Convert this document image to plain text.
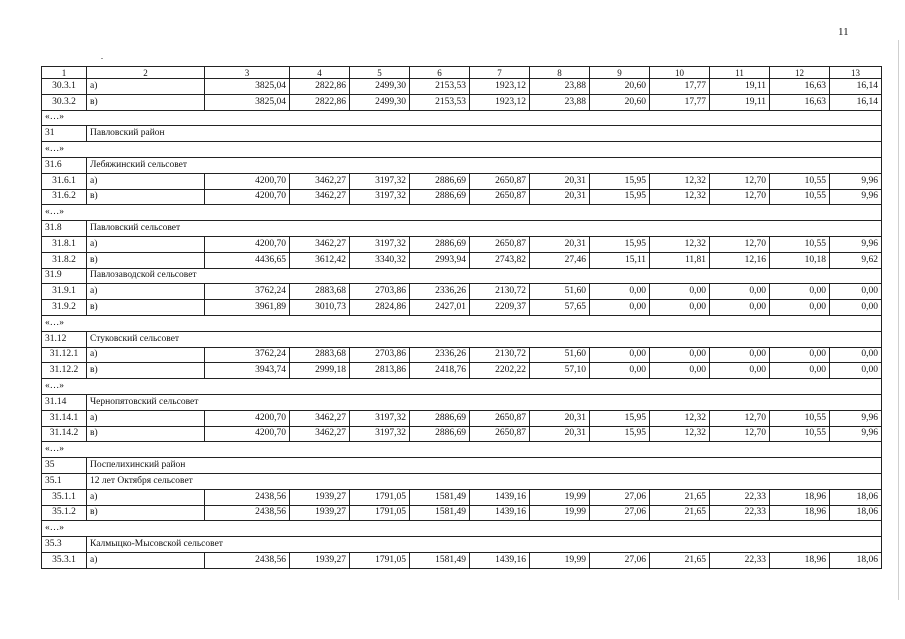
11
1	2	3	4	5	6	7	8	9	10	11	12	13
30.3.1	а)	3825,04	2822,86	2499,30	2153,53	1923,12	23,88	20,60	17,77	19,11	16,63	16,14
30.3.2	в)	3825,04	2822,86	2499,30	2153,53	1923,12	23,88	20,60	17,77	19,11	16,63	16,14
«…»												
31	Павловский район											
«…»												
31.6	Лебяжинский сельсовет											
31.6.1	а)	4200,70	3462,27	3197,32	2886,69	2650,87	20,31	15,95	12,32	12,70	10,55	9,96
31.6.2	в)	4200,70	3462,27	3197,32	2886,69	2650,87	20,31	15,95	12,32	12,70	10,55	9,96
«…»												
31.8	Павловский сельсовет											
31.8.1	а)	4200,70	3462,27	3197,32	2886,69	2650,87	20,31	15,95	12,32	12,70	10,55	9,96
31.8.2	в)	4436,65	3612,42	3340,32	2993,94	2743,82	27,46	15,11	11,81	12,16	10,18	9,62
31.9	Павлозаводской сельсовет											
31.9.1	а)	3762,24	2883,68	2703,86	2336,26	2130,72	51,60	0,00	0,00	0,00	0,00	0,00
31.9.2	в)	3961,89	3010,73	2824,86	2427,01	2209,37	57,65	0,00	0,00	0,00	0,00	0,00
«…»												
31.12	Стуковский сельсовет											
31.12.1	а)	3762,24	2883,68	2703,86	2336,26	2130,72	51,60	0,00	0,00	0,00	0,00	0,00
31.12.2	в)	3943,74	2999,18	2813,86	2418,76	2202,22	57,10	0,00	0,00	0,00	0,00	0,00
«…»												
31.14	Чернопятовский сельсовет											
31.14.1	а)	4200,70	3462,27	3197,32	2886,69	2650,87	20,31	15,95	12,32	12,70	10,55	9,96
31.14.2	в)	4200,70	3462,27	3197,32	2886,69	2650,87	20,31	15,95	12,32	12,70	10,55	9,96
«…»												
35	Поспелихинский район											
35.1	12 лет Октября сельсовет											
35.1.1	а)	2438,56	1939,27	1791,05	1581,49	1439,16	19,99	27,06	21,65	22,33	18,96	18,06
35.1.2	в)	2438,56	1939,27	1791,05	1581,49	1439,16	19,99	27,06	21,65	22,33	18,96	18,06
«…»												
35.3	Калмыцко-Мысовской сельсовет											
35.3.1	а)	2438,56	1939,27	1791,05	1581,49	1439,16	19,99	27,06	21,65	22,33	18,96	18,06
